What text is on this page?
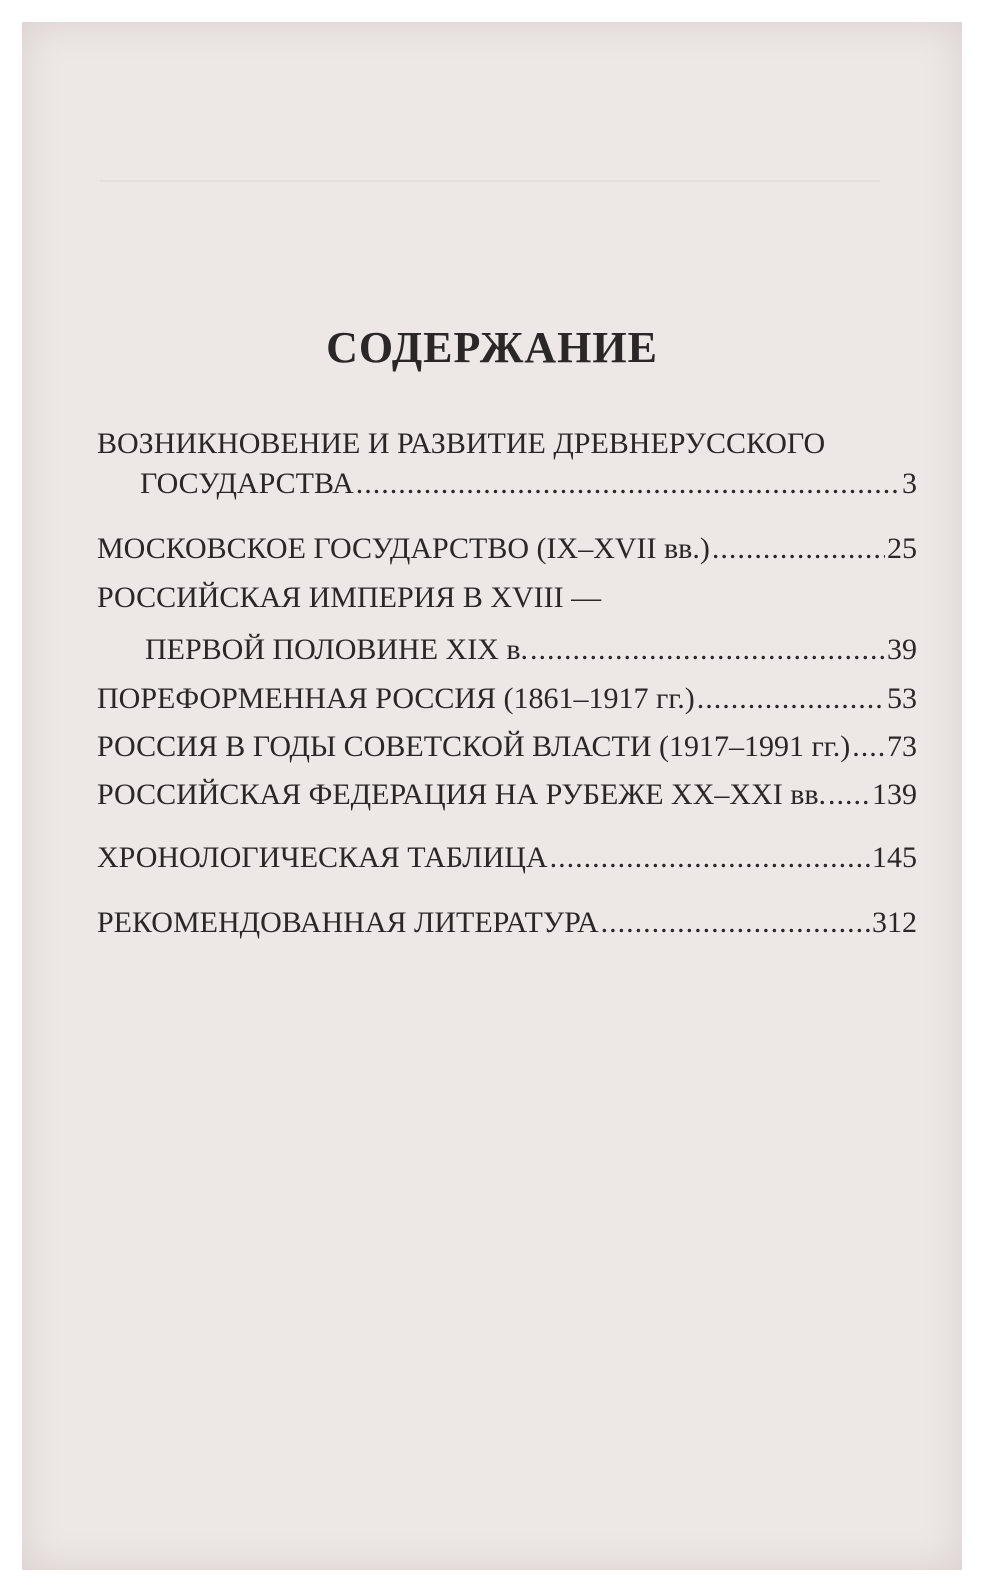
СОДЕРЖАНИЕ
ВОЗНИКНОВЕНИЕ И РАЗВИТИЕ ДРЕВНЕРУССКОГО
ГОСУДАРСТВА .....	3
МОСКОВСКОЕ ГОСУДАРСТВО (IX–XVII вв.) .....	25
РОССИЙСКАЯ ИМПЕРИЯ В XVIII —
ПЕРВОЙ ПОЛОВИНЕ XIX в. .....	39
ПОРЕФОРМЕННАЯ РОССИЯ (1861–1917 гг.) .....	53
РОССИЯ В ГОДЫ СОВЕТСКОЙ ВЛАСТИ (1917–1991 гг.) ..... 73
РОССИЙСКАЯ ФЕДЕРАЦИЯ НА РУБЕЖЕ XX–XXI вв. ..... 139
ХРОНОЛОГИЧЕСКАЯ ТАБЛИЦА .....	145
РЕКОМЕНДОВАННАЯ ЛИТЕРАТУРА .....	312
